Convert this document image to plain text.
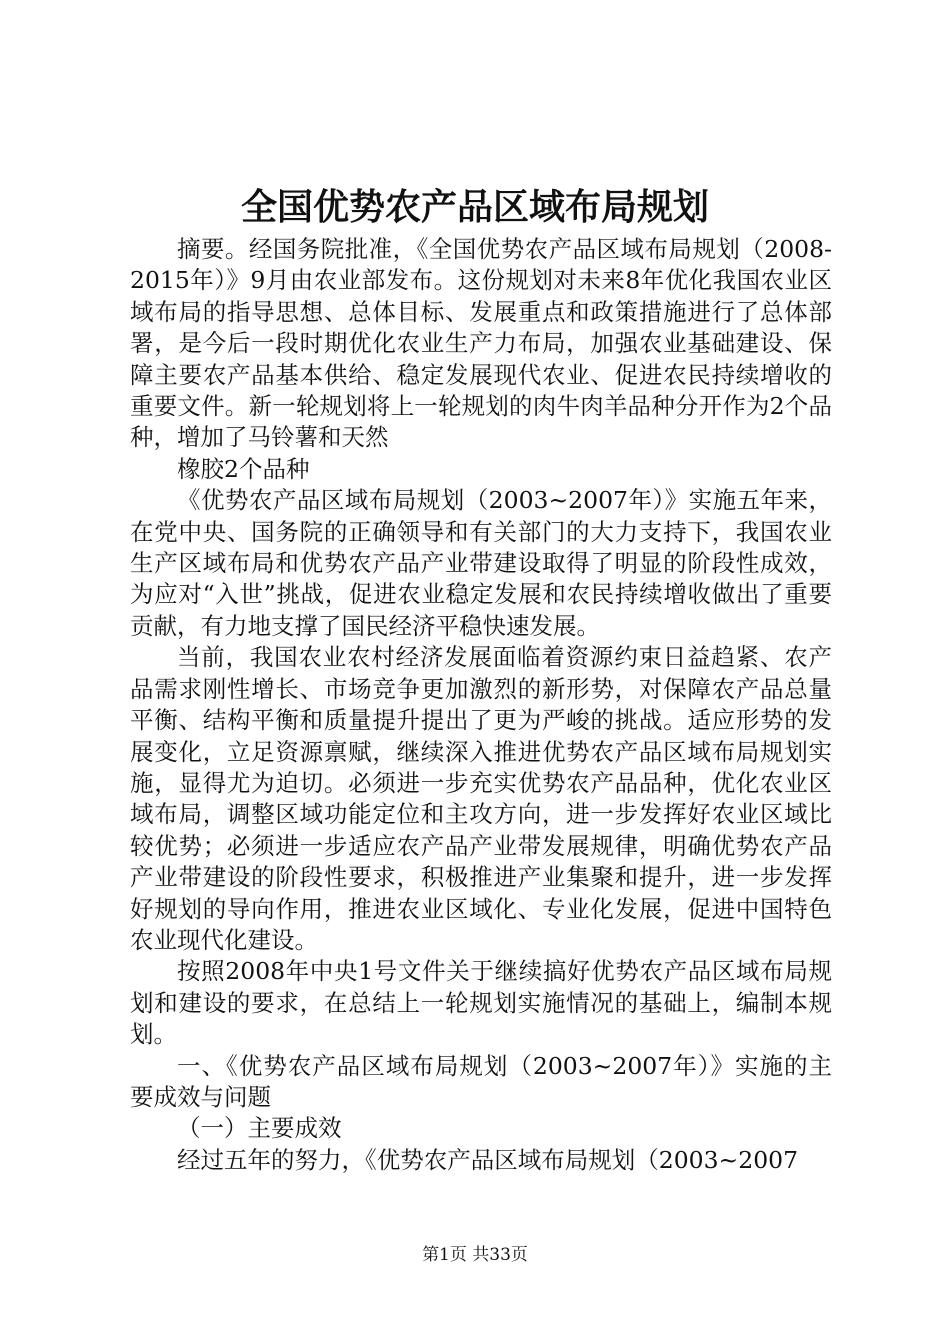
全国优势农产品区域布局规划

摘要。经国务院批准，《全国优势农产品区域布局规划（2008-2015年）》9月由农业部发布。这份规划对未来8年优化我国农业区域布局的指导思想、总体目标、发展重点和政策措施进行了总体部署，是今后一段时期优化农业生产力布局，加强农业基础建设、保障主要农产品基本供给、稳定发展现代农业、促进农民持续增收的重要文件。新一轮规划将上一轮规划的肉牛肉羊品种分开作为2个品种，增加了马铃薯和天然

橡胶2个品种

《优势农产品区域布局规划（2003~2007年）》实施五年来，在党中央、国务院的正确领导和有关部门的大力支持下，我国农业生产区域布局和优势农产品产业带建设取得了明显的阶段性成效，为应对“入世”挑战，促进农业稳定发展和农民持续增收做出了重要贡献，有力地支撑了国民经济平稳快速发展。

当前，我国农业农村经济发展面临着资源约束日益趋紧、农产品需求刚性增长、市场竞争更加激烈的新形势，对保障农产品总量平衡、结构平衡和质量提升提出了更为严峻的挑战。适应形势的发展变化，立足资源禀赋，继续深入推进优势农产品区域布局规划实施，显得尤为迫切。必须进一步充实优势农产品品种，优化农业区域布局，调整区域功能定位和主攻方向，进一步发挥好农业区域比较优势；必须进一步适应农产品产业带发展规律，明确优势农产品产业带建设的阶段性要求，积极推进产业集聚和提升，进一步发挥好规划的导向作用，推进农业区域化、专业化发展，促进中国特色农业现代化建设。

按照2008年中央1号文件关于继续搞好优势农产品区域布局规划和建设的要求，在总结上一轮规划实施情况的基础上，编制本规划。

一、《优势农产品区域布局规划（2003~2007年）》实施的主要成效与问题

（一）主要成效

经过五年的努力，《优势农产品区域布局规划（2003~2007

第1页 共33页
